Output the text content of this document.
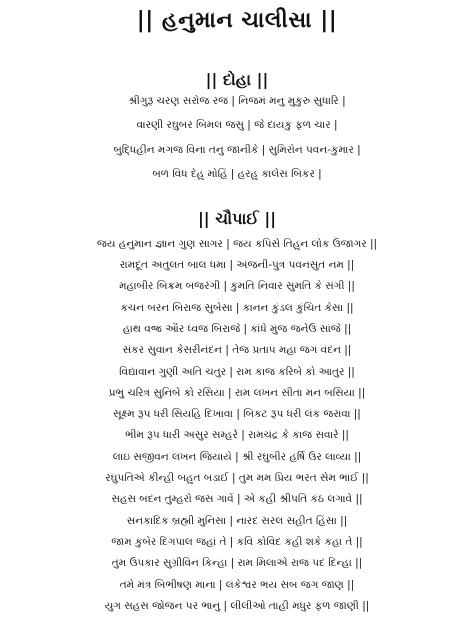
|| હનુમાન ચાલીસા ||
|| દોહા ||
શ્રીગુરૂ ચરણ સરોજ રજ | નિજમં મનુ મુકુરુ સુધારિ |
વારણી રઘુબર બિમલ જસુ | જે દાયકુ ફળ ચાર |
બુદ્ધિહીન મગજ વિના તનુ જાનીકે | સુમિરોન પવન-કુમાર |
બળ વિધ દેહુ મોહિં | હરહુ કાલેસ બિકર |
|| ચૌપાઈ ||
જય હનુમાન જ્ઞાન ગુણ સાગર | જય કપિસે તિહુન લોક ઉજાગર ||
રામદૂત અતુલત બાલ ધમા | અંજની-પુત્ર પવનસુત નમ ||
મહાબીર બિક્રમ બજરંગી | કુમતિ નિવાર સુમતિ કે સંગી ||
કચન બરન બિરાજ સુબેસા | કાનન કુંડલ કુંચિત કેસા ||
હાથ વજ્ર ઔર ધ્વજ બિરાજે | કાંધે મુંજ જનેઉ સાંજે ||
સંકર સુવાન કેસરીનંદન | તેજ પ્રતાપ મહા જગ વંદન ||
વિદ્યાવાન ગુણી અતિ ચતુર | રામ કાજ કરિબે કો આતુર ||
પ્રભુ ચરિત્ર સુનિબે કો રસિયા | રામ લખન સીતા મન બસિયા ||
સૂક્ષ્મ રૂપ ધરી સિયહિ દિખાવા | બિકટ રૂપ ધરી લંક જરાવા ||
ભીમ રૂપ ધારી અસુર સમ્હરે | રામચંદ્ર કે કાજ સવારે ||
લાઇ સજીવન લખન જિયાયે | શ્રી રઘુબીર હર્ષિ ઉર લાવ્યા ||
રઘુપતિએ કીન્હી બહુત બડાઈ | તુમ મમ પ્રિય ભરત સેમ ભાઈ ||
સહસ બદન તુમ્હરો જસ ગાવેં | એ કહી શ્રીપતિ કંઠ લગાવે ||
સનકાદિક બ્રહ્મી મુનિસા | નારદ સરલ સહીત હિંસા ||
જામ કુબેર દિગપાલ જહાં તે | કવિ કોવિદ કહી શકે કહા તે ||
તુમ ઉપકાર સુગ્રીવિન કિન્હા | રામ મિલાએ રાજ પદ દિન્હા ||
તમે મંત્ર બિભીષણ માના | લંકેશ્વર ભય સબ જગ જાણ ||
યુગ સહસ જોજન પર ભાનુ | લીલીઓ તાહી મધુર ફળ જાણી ||
